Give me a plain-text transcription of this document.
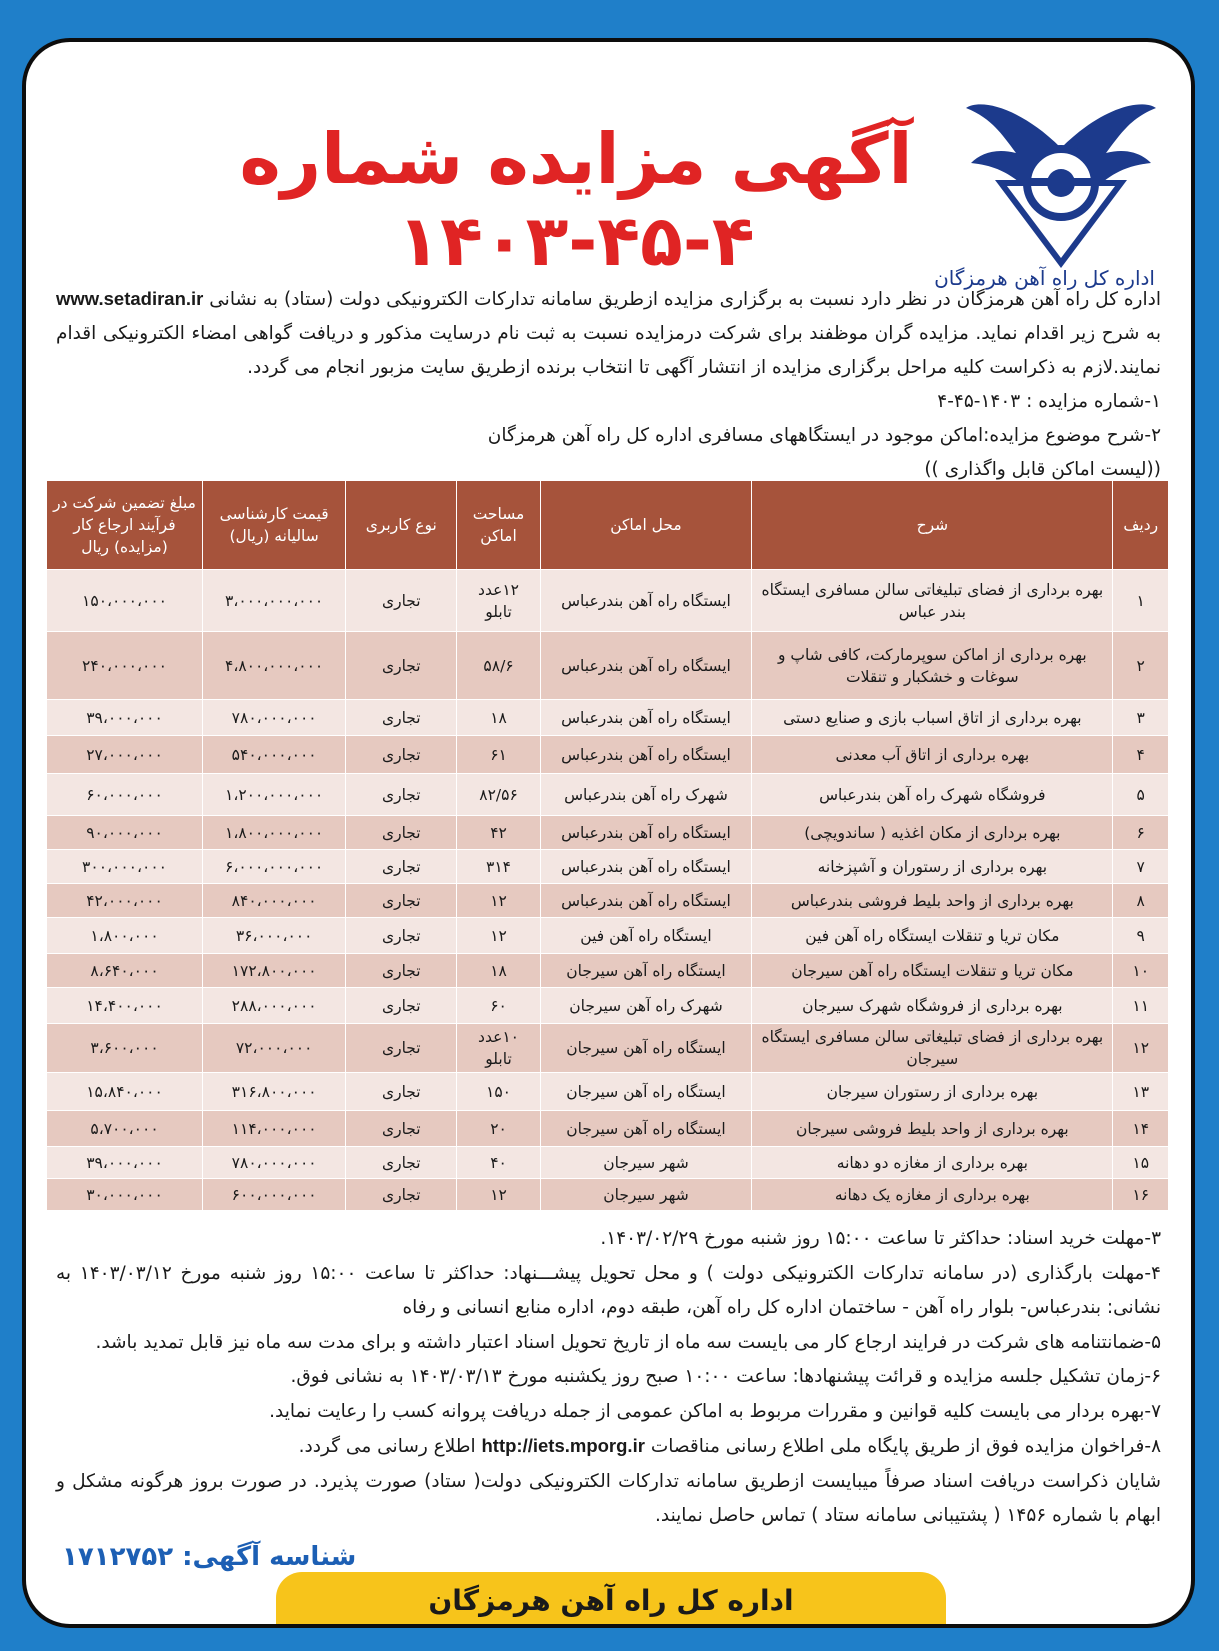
اداره کل راه آهن هرمزگان
آگهی مزایده شماره ۴-۴۵-۱۴۰۳

اداره کل راه آهن هرمزگان در نظر دارد نسبت به برگزاری مزایده ازطریق سامانه تدارکات الکترونیکی دولت (ستاد) به نشانی www.setadiran.ir به شرح زیر اقدام نماید. مزایده گران موظفند برای شرکت درمزایده نسبت به ثبت نام درسایت مذکور و دریافت گواهی امضاء الکترونیکی اقدام نمایند.لازم به ذکراست کلیه مراحل برگزاری مزایده از انتشار آگهی تا انتخاب برنده ازطریق سایت مزبور انجام می گردد.

۱-شماره مزایده : ۱۴۰۳-۴۵-۴

۲-شرح موضوع مزایده:اماکن موجود در ایستگاههای مسافری اداره کل راه آهن هرمزگان

((لیست اماکن قابل واگذاری ))

ردیف	شرح	محل اماکن	مساحت اماکن	نوع کاربری	قیمت کارشناسی سالیانه (ریال)	مبلغ تضمین شرکت در فرآیند ارجاع کار (مزایده) ریال
۱	بهره برداری از فضای تبلیغاتی سالن مسافری ایستگاه بندر عباس	ایستگاه راه آهن بندرعباس	۱۲عدد تابلو	تجاری	۳،۰۰۰،۰۰۰،۰۰۰	۱۵۰،۰۰۰،۰۰۰
۲	بهره برداری از اماکن سوپرمارکت، کافی شاپ و سوغات و خشکبار و تنقلات	ایستگاه راه آهن بندرعباس	۵۸/۶	تجاری	۴،۸۰۰،۰۰۰،۰۰۰	۲۴۰،۰۰۰،۰۰۰
۳	بهره برداری از اتاق اسباب بازی و صنایع دستی	ایستگاه راه آهن بندرعباس	۱۸	تجاری	۷۸۰،۰۰۰،۰۰۰	۳۹،۰۰۰،۰۰۰
۴	بهره برداری از اتاق آب معدنی	ایستگاه راه آهن بندرعباس	۶۱	تجاری	۵۴۰،۰۰۰،۰۰۰	۲۷،۰۰۰،۰۰۰
۵	فروشگاه شهرک راه آهن بندرعباس	شهرک راه آهن بندرعباس	۸۲/۵۶	تجاری	۱،۲۰۰،۰۰۰،۰۰۰	۶۰،۰۰۰،۰۰۰
۶	بهره برداری از مکان اغذیه ( ساندویچی)	ایستگاه راه آهن بندرعباس	۴۲	تجاری	۱،۸۰۰،۰۰۰،۰۰۰	۹۰،۰۰۰،۰۰۰
۷	بهره برداری از رستوران و آشپزخانه	ایستگاه راه آهن بندرعباس	۳۱۴	تجاری	۶،۰۰۰،۰۰۰،۰۰۰	۳۰۰،۰۰۰،۰۰۰
۸	بهره برداری از واحد بلیط فروشی بندرعباس	ایستگاه راه آهن بندرعباس	۱۲	تجاری	۸۴۰،۰۰۰،۰۰۰	۴۲،۰۰۰،۰۰۰
۹	مکان تریا و تنقلات ایستگاه راه آهن فین	ایستگاه راه آهن فین	۱۲	تجاری	۳۶،۰۰۰،۰۰۰	۱،۸۰۰،۰۰۰
۱۰	مکان تریا و تنقلات ایستگاه راه آهن سیرجان	ایستگاه راه آهن سیرجان	۱۸	تجاری	۱۷۲،۸۰۰،۰۰۰	۸،۶۴۰،۰۰۰
۱۱	بهره برداری از فروشگاه شهرک سیرجان	شهرک راه آهن سیرجان	۶۰	تجاری	۲۸۸،۰۰۰،۰۰۰	۱۴،۴۰۰،۰۰۰
۱۲	بهره برداری از فضای تبلیغاتی سالن مسافری ایستگاه سیرجان	ایستگاه راه آهن سیرجان	۱۰عدد تابلو	تجاری	۷۲،۰۰۰،۰۰۰	۳،۶۰۰،۰۰۰
۱۳	بهره برداری از رستوران سیرجان	ایستگاه راه آهن سیرجان	۱۵۰	تجاری	۳۱۶،۸۰۰،۰۰۰	۱۵،۸۴۰،۰۰۰
۱۴	بهره برداری از واحد بلیط فروشی سیرجان	ایستگاه راه آهن سیرجان	۲۰	تجاری	۱۱۴،۰۰۰،۰۰۰	۵،۷۰۰،۰۰۰
۱۵	بهره برداری از مغازه دو دهانه	شهر سیرجان	۴۰	تجاری	۷۸۰،۰۰۰،۰۰۰	۳۹،۰۰۰،۰۰۰
۱۶	بهره برداری از مغازه یک دهانه	شهر سیرجان	۱۲	تجاری	۶۰۰،۰۰۰،۰۰۰	۳۰،۰۰۰،۰۰۰

۳-مهلت خرید اسناد: حداکثر تا ساعت ۱۵:۰۰ روز شنبه مورخ ۱۴۰۳/۰۲/۲۹.

۴-مهلت بارگذاری (در سامانه تدارکات الکترونیکی دولت ) و محل تحویل پیشـــنهاد: حداکثر تا ساعت ۱۵:۰۰ روز شنبه مورخ ۱۴۰۳/۰۳/۱۲ به نشانی: بندرعباس- بلوار راه آهن - ساختمان اداره کل راه آهن، طبقه دوم، اداره منابع انسانی و رفاه

۵-ضمانتنامه های شرکت در فرایند ارجاع کار می بایست سه ماه از تاریخ تحویل اسناد اعتبار داشته و برای مدت سه ماه نیز قابل تمدید باشد.

۶-زمان تشکیل جلسه مزایده و قرائت پیشنهادها: ساعت ۱۰:۰۰ صبح روز یکشنبه مورخ ۱۴۰۳/۰۳/۱۳ به نشانی فوق.

۷-بهره بردار می بایست کلیه قوانین و مقررات مربوط به اماکن عمومی از جمله دریافت پروانه کسب را رعایت نماید.

۸-فراخوان مزایده فوق از طریق پایگاه ملی اطلاع رسانی مناقصات http://iets.mporg.ir اطلاع رسانی می گردد.

شایان ذکراست دریافت اسناد صرفاً میبایست ازطریق سامانه تدارکات الکترونیکی دولت( ستاد) صورت پذیرد. در صورت بروز هرگونه مشکل و ابهام با شماره ۱۴۵۶ ( پشتیبانی سامانه ستاد ) تماس حاصل نمایند.

شناسه آگهی: ۱۷۱۲۷۵۲
اداره کل راه آهن هرمزگان
